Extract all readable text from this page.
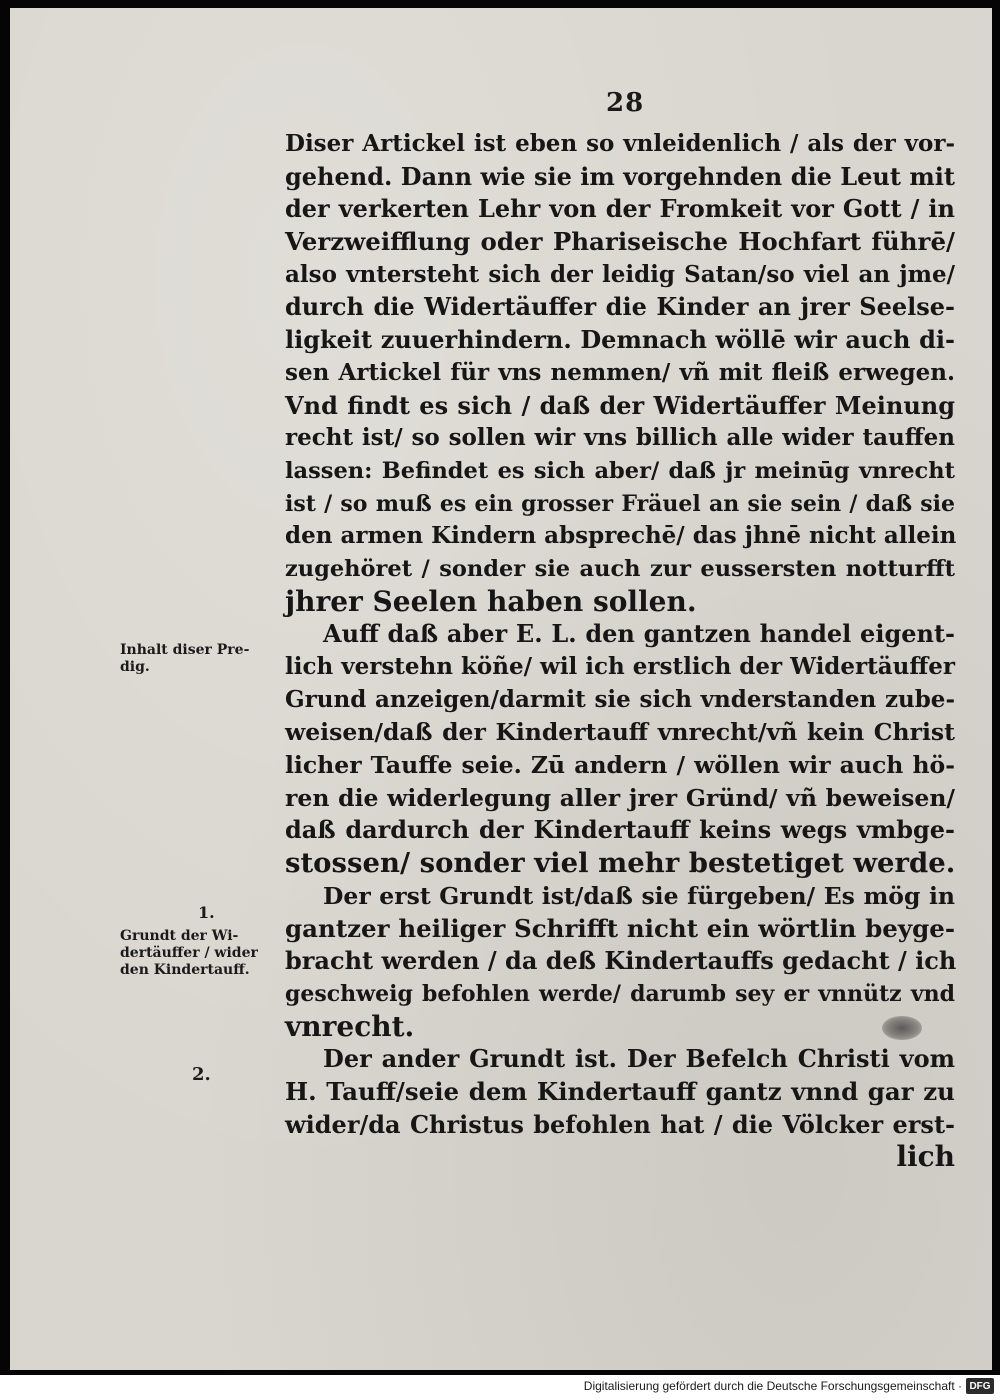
28
Diser Artickel ist eben so vnleidenlich / als der vor-
gehend. Dann wie sie im vorgehnden die Leut mit
der verkerten Lehr von der Fromkeit vor Gott / in
Verzweifflung oder Phariseische Hochfart führē/
also vntersteht sich der leidig Satan/so viel an jme/
durch die Widertäuffer die Kinder an jrer Seelse-
ligkeit zuuerhindern. Demnach wöllē wir auch di-
sen Artickel für vns nemmen/ vñ mit fleiß erwegen.
Vnd findt es sich / daß der Widertäuffer Meinung
recht ist/ so sollen wir vns billich alle wider tauffen
lassen: Befindet es sich aber/ daß jr meinūg vnrecht
ist / so muß es ein grosser Fräuel an sie sein / daß sie
den armen Kindern absprechē/ das jhnē nicht allein
zugehöret / sonder sie auch zur eussersten notturfft
jhrer Seelen haben sollen.
Auff daß aber E. L. den gantzen handel eigent-
lich verstehn köñe/ wil ich erstlich der Widertäuffer
Grund anzeigen/darmit sie sich vnderstanden zube-
weisen/daß der Kindertauff vnrecht/vñ kein Christ
licher Tauffe seie. Zū andern / wöllen wir auch hö-
ren die widerlegung aller jrer Gründ/ vñ beweisen/
daß dardurch der Kindertauff keins wegs vmbge-
stossen/ sonder viel mehr bestetiget werde.
Der erst Grundt ist/daß sie fürgeben/ Es mög in
gantzer heiliger Schrifft nicht ein wörtlin beyge-
bracht werden / da deß Kindertauffs gedacht / ich
geschweig befohlen werde/ darumb sey er vnnütz vnd
vnrecht.
Der ander Grundt ist. Der Befelch Christi vom
H. Tauff/seie dem Kindertauff gantz vnnd gar zu
wider/da Christus befohlen hat / die Völcker erst-
lich
Inhalt diser Pre-
dig.
1.
Grundt der Wi-
dertäuffer / wider
den Kindertauff.
2.
Digitalisierung gefördert durch die Deutsche Forschungsgemeinschaft · DFG
